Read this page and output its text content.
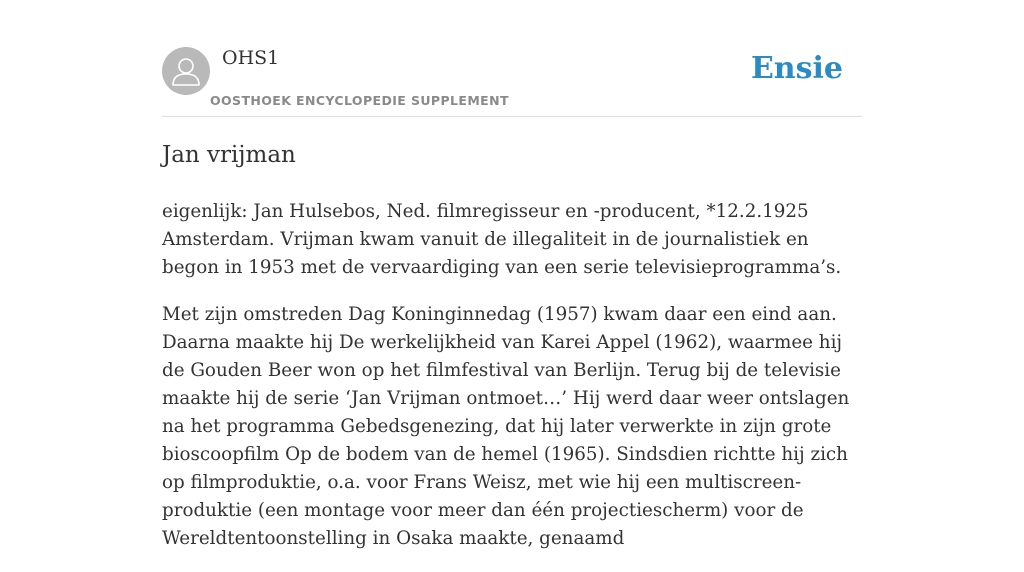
OHS1
OOSTHOEK ENCYCLOPEDIE SUPPLEMENT
Ensie
Jan vrijman

eigenlijk: Jan Hulsebos, Ned. filmregisseur en -producent, *12.2.1925 Amsterdam. Vrijman kwam vanuit de illegaliteit in de journalistiek en begon in 1953 met de vervaardiging van een serie televisieprogramma’s.

Met zijn omstreden Dag Koninginnedag (1957) kwam daar een eind aan. Daarna maakte hij De werkelijkheid van Karei Appel (1962), waarmee hij de Gouden Beer won op het filmfestival van Berlijn. Terug bij de televisie maakte hij de serie ‘Jan Vrijman ontmoet…’ Hij werd daar weer ontslagen na het programma Gebedsgenezing, dat hij later verwerkte in zijn grote bioscoopfilm Op de bodem van de hemel (1965). Sindsdien richtte hij zich op filmproduktie, o.a. voor Frans Weisz, met wie hij een multiscreen-produktie (een montage voor meer dan één projectiescherm) voor de Wereldtentoonstelling in Osaka maakte, genaamd
